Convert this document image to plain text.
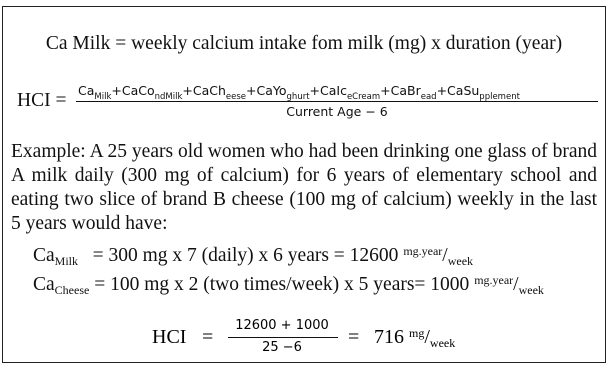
Ca Milk = weekly calcium intake fom milk (mg) x duration (year)
HCI = $Ca_{Milk}+CaCo_{ndMilk}+CaCh_{eese}+CaYo_{ghurt}+CaIc_{eCream}+CaBr_{ead}+CaSu_{pplement}$
Current Age − 6

Example: A 25 years old women who had been drinking one glass of brand A milk daily (300 mg of calcium) for 6 years of elementary school and eating two slice of brand B cheese (100 mg of calcium) weekly in the last 5 years would have:

$Ca_{Milk} = 300$ mg x 7 (daily) x 6 years = 12600 $^{mg.year}/_{week}$
$Ca_{Cheese} = 100$ mg x 2 (two times/week) x 5 years= 1000 $^{mg.year}/_{week}$
HCI =
12600 + 1000
25 −6	= 716 $^{mg}/_{week}$
